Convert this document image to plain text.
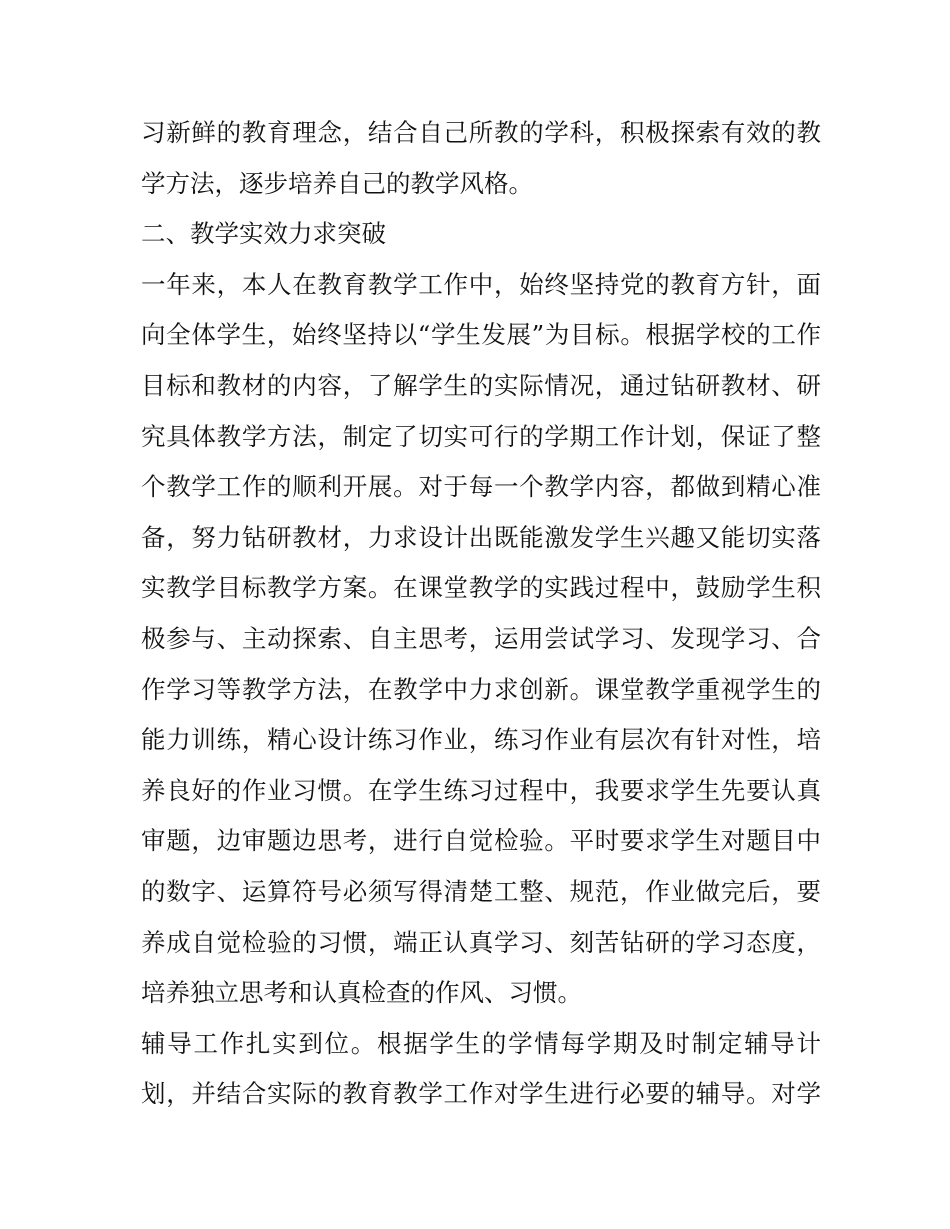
习新鲜的教育理念，结合自己所教的学科，积极探索有效的教
学方法，逐步培养自己的教学风格。
二、教学实效力求突破
一年来，本人在教育教学工作中，始终坚持党的教育方针，面
向全体学生，始终坚持以“学生发展”为目标。根据学校的工作
目标和教材的内容，了解学生的实际情况，通过钻研教材、研
究具体教学方法，制定了切实可行的学期工作计划，保证了整
个教学工作的顺利开展。对于每一个教学内容，都做到精心准
备，努力钻研教材，力求设计出既能激发学生兴趣又能切实落
实教学目标教学方案。在课堂教学的实践过程中，鼓励学生积
极参与、主动探索、自主思考，运用尝试学习、发现学习、合
作学习等教学方法，在教学中力求创新。课堂教学重视学生的
能力训练，精心设计练习作业，练习作业有层次有针对性，培
养良好的作业习惯。在学生练习过程中，我要求学生先要认真
审题，边审题边思考，进行自觉检验。平时要求学生对题目中
的数字、运算符号必须写得清楚工整、规范，作业做完后，要
养成自觉检验的习惯，端正认真学习、刻苦钻研的学习态度，
培养独立思考和认真检查的作风、习惯。
辅导工作扎实到位。根据学生的学情每学期及时制定辅导计
划，并结合实际的教育教学工作对学生进行必要的辅导。对学
